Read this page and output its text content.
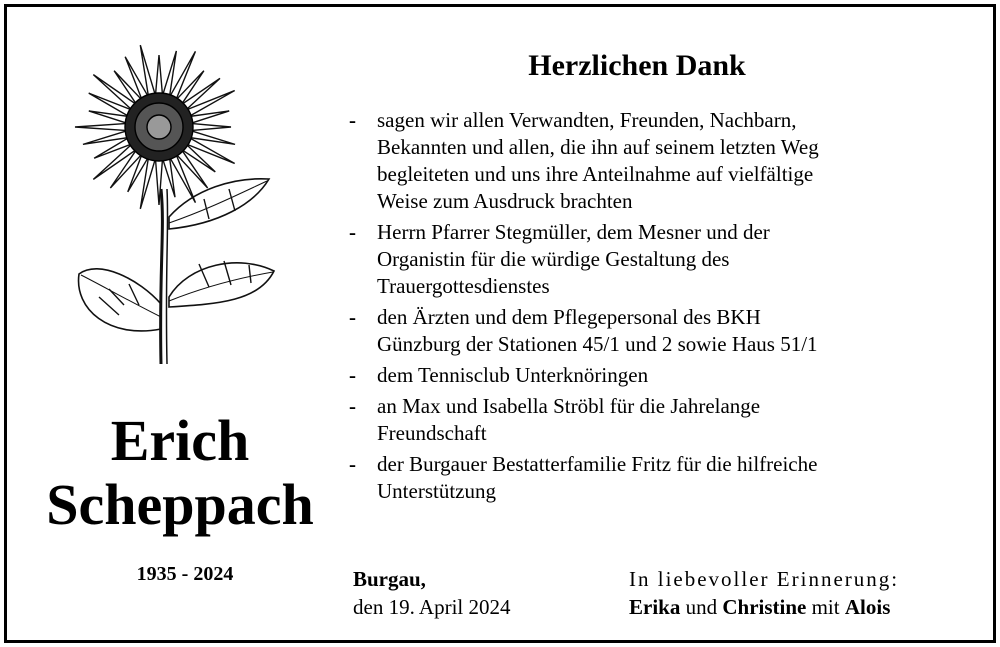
Erich
Scheppach
1935 - 2024
Herzlichen Dank
- sagen wir allen Verwandten, Freunden, Nachbarn,
Bekannten und allen, die ihn auf seinem letzten Weg
begleiteten und uns ihre Anteilnahme auf vielfältige
Weise zum Ausdruck brachten
- Herrn Pfarrer Stegmüller, dem Mesner und der
Organistin für die würdige Gestaltung des
Trauergottesdienstes
- den Ärzten und dem Pflegepersonal des BKH
Günzburg der Stationen 45/1 und 2 sowie Haus 51/1
- dem Tennisclub Unterknöringen
- an Max und Isabella Ströbl für die Jahrelange
Freundschaft
- der Burgauer Bestatterfamilie Fritz für die hilfreiche
Unterstützung
Burgau,
den 19. April 2024
In liebevoller Erinnerung:
Erika und Christine mit Alois
